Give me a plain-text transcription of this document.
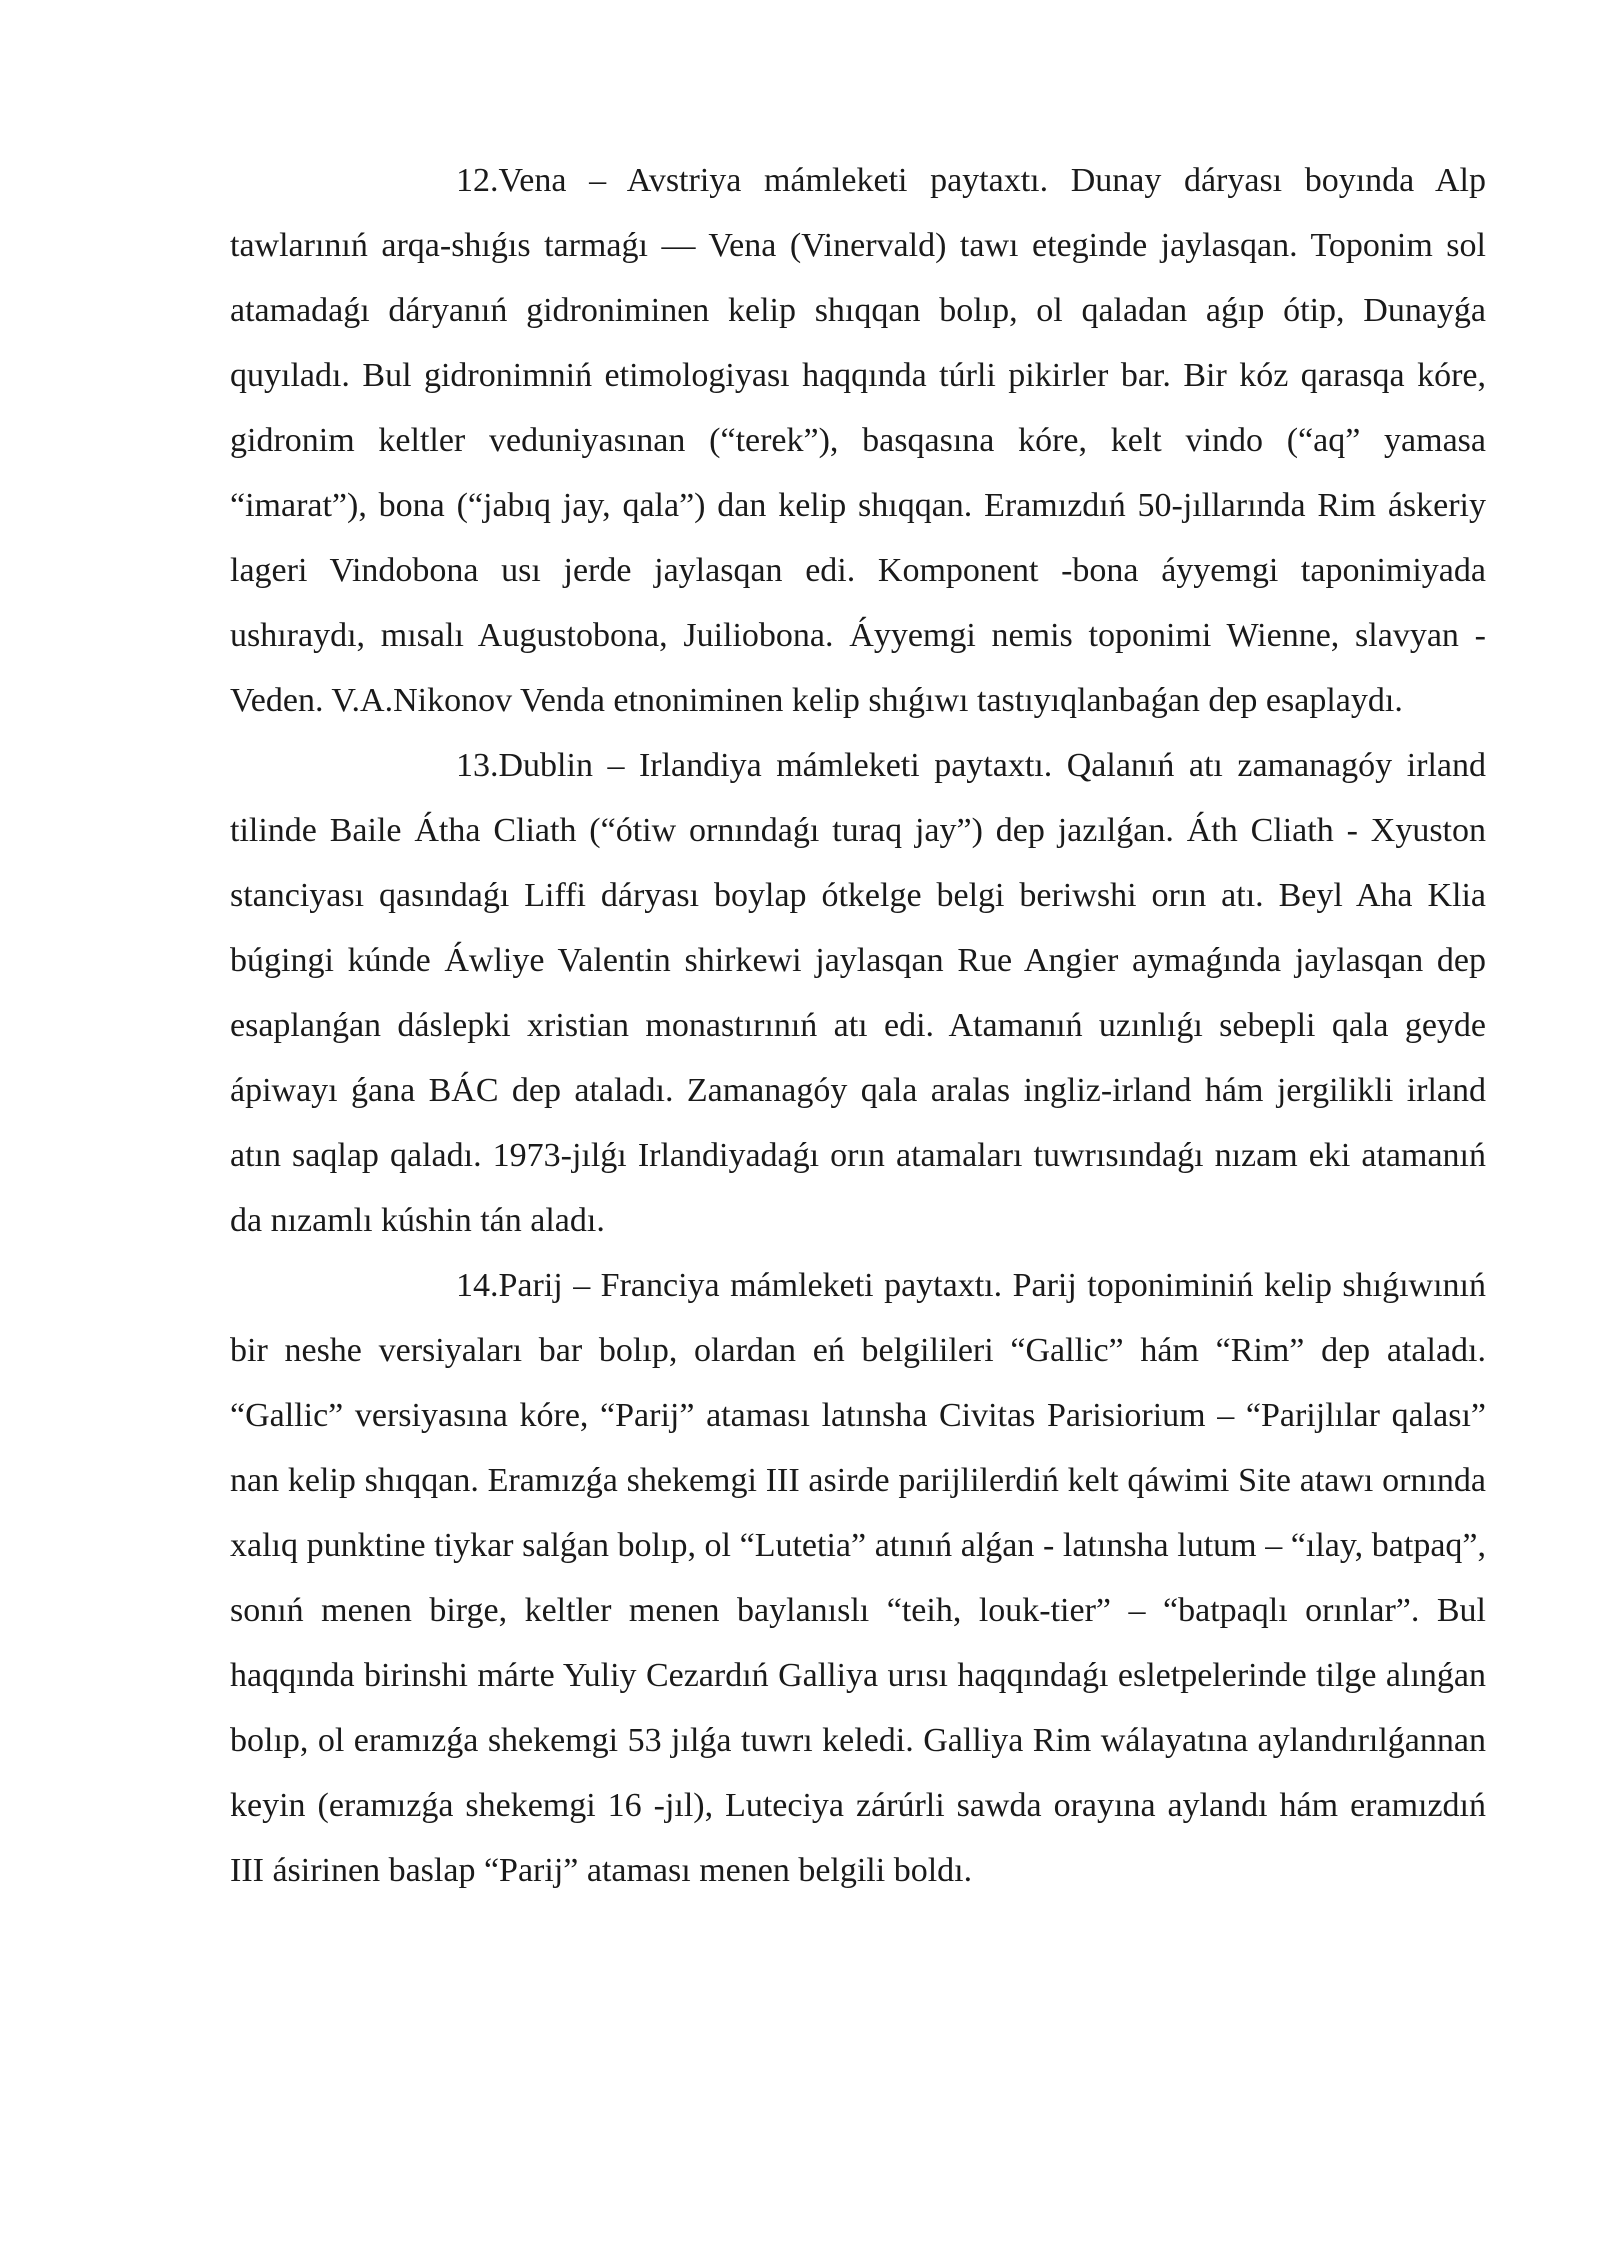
12.Vena – Avstriya mámleketi paytaxtı. Dunay dáryası boyında Alp tawlarınıń arqa-shıǵıs tarmaǵı — Vena (Vinervald) tawı eteginde jaylasqan. Toponim sol atamadaǵı dáryanıń gidroniminen kelip shıqqan bolıp, ol qaladan aǵıp ótip, Dunayǵa quyıladı. Bul gidronimniń etimologiyası haqqında túrli pikirler bar. Bir kóz qarasqa kóre, gidronim keltler veduniyasınan (“terek”), basqasına kóre, kelt vindo (“aq” yamasa “imarat”), bona (“jabıq jay, qala”) dan kelip shıqqan. Eramızdıń 50-jıllarında Rim áskeriy lageri Vindobona usı jerde jaylasqan edi. Komponent -bona áyyemgi taponimiyada ushıraydı, mısalı Augustobona, Juiliobona. Áyyemgi nemis toponimi Wienne, slavyan - Veden. V.A.Nikonov Venda etnoniminen kelip shıǵıwı tastıyıqlanbaǵan dep esaplaydı.

13.Dublin – Irlandiya mámleketi paytaxtı. Qalanıń atı zamanagóy irland tilinde Baile Átha Cliath (“ótiw ornındaǵı turaq jay”) dep jazılǵan. Áth Cliath - Xyuston stanciyası qasındaǵı Liffi dáryası boylap ótkelge belgi beriwshi orın atı. Beyl Aha Klia búgingi kúnde Áwliye Valentin shirkewi jaylasqan Rue Angier aymaǵında jaylasqan dep esaplanǵan dáslepki xristian monastırınıń atı edi. Atamanıń uzınlıǵı sebepli qala geyde ápiwayı ǵana BÁC dep ataladı. Zamanagóy qala aralas ingliz-irland hám jergilikli irland atın saqlap qaladı. 1973-jılǵı Irlandiyadaǵı orın atamaları tuwrısındaǵı nızam eki atamanıń da nızamlı kúshin tán aladı.

14.Parij – Franciya mámleketi paytaxtı. Parij toponiminiń kelip shıǵıwınıń bir neshe versiyaları bar bolıp, olardan eń belgilileri “Gallic” hám “Rim” dep ataladı. “Gallic” versiyasına kóre, “Parij” ataması latınsha Civitas Parisiorium – “Parijlılar qalası” nan kelip shıqqan. Eramızǵa shekemgi III asirde parijlilerdiń kelt qáwimi Site atawı ornında xalıq punktine tiykar salǵan bolıp, ol “Lutetia” atınıń alǵan - latınsha lutum – “ılay, batpaq”, sonıń menen birge, keltler menen baylanıslı “teih, louk-tier” – “batpaqlı orınlar”. Bul haqqında birinshi márte Yuliy Cezardıń Galliya urısı haqqındaǵı esletpelerinde tilge alınǵan bolıp, ol eramızǵa shekemgi 53 jılǵa tuwrı keledi. Galliya Rim wálayatına aylandırılǵannan keyin (eramızǵa shekemgi 16 -jıl), Luteciya zárúrli sawda orayına aylandı hám eramızdıń III ásirinen baslap “Parij” ataması menen belgili boldı.
